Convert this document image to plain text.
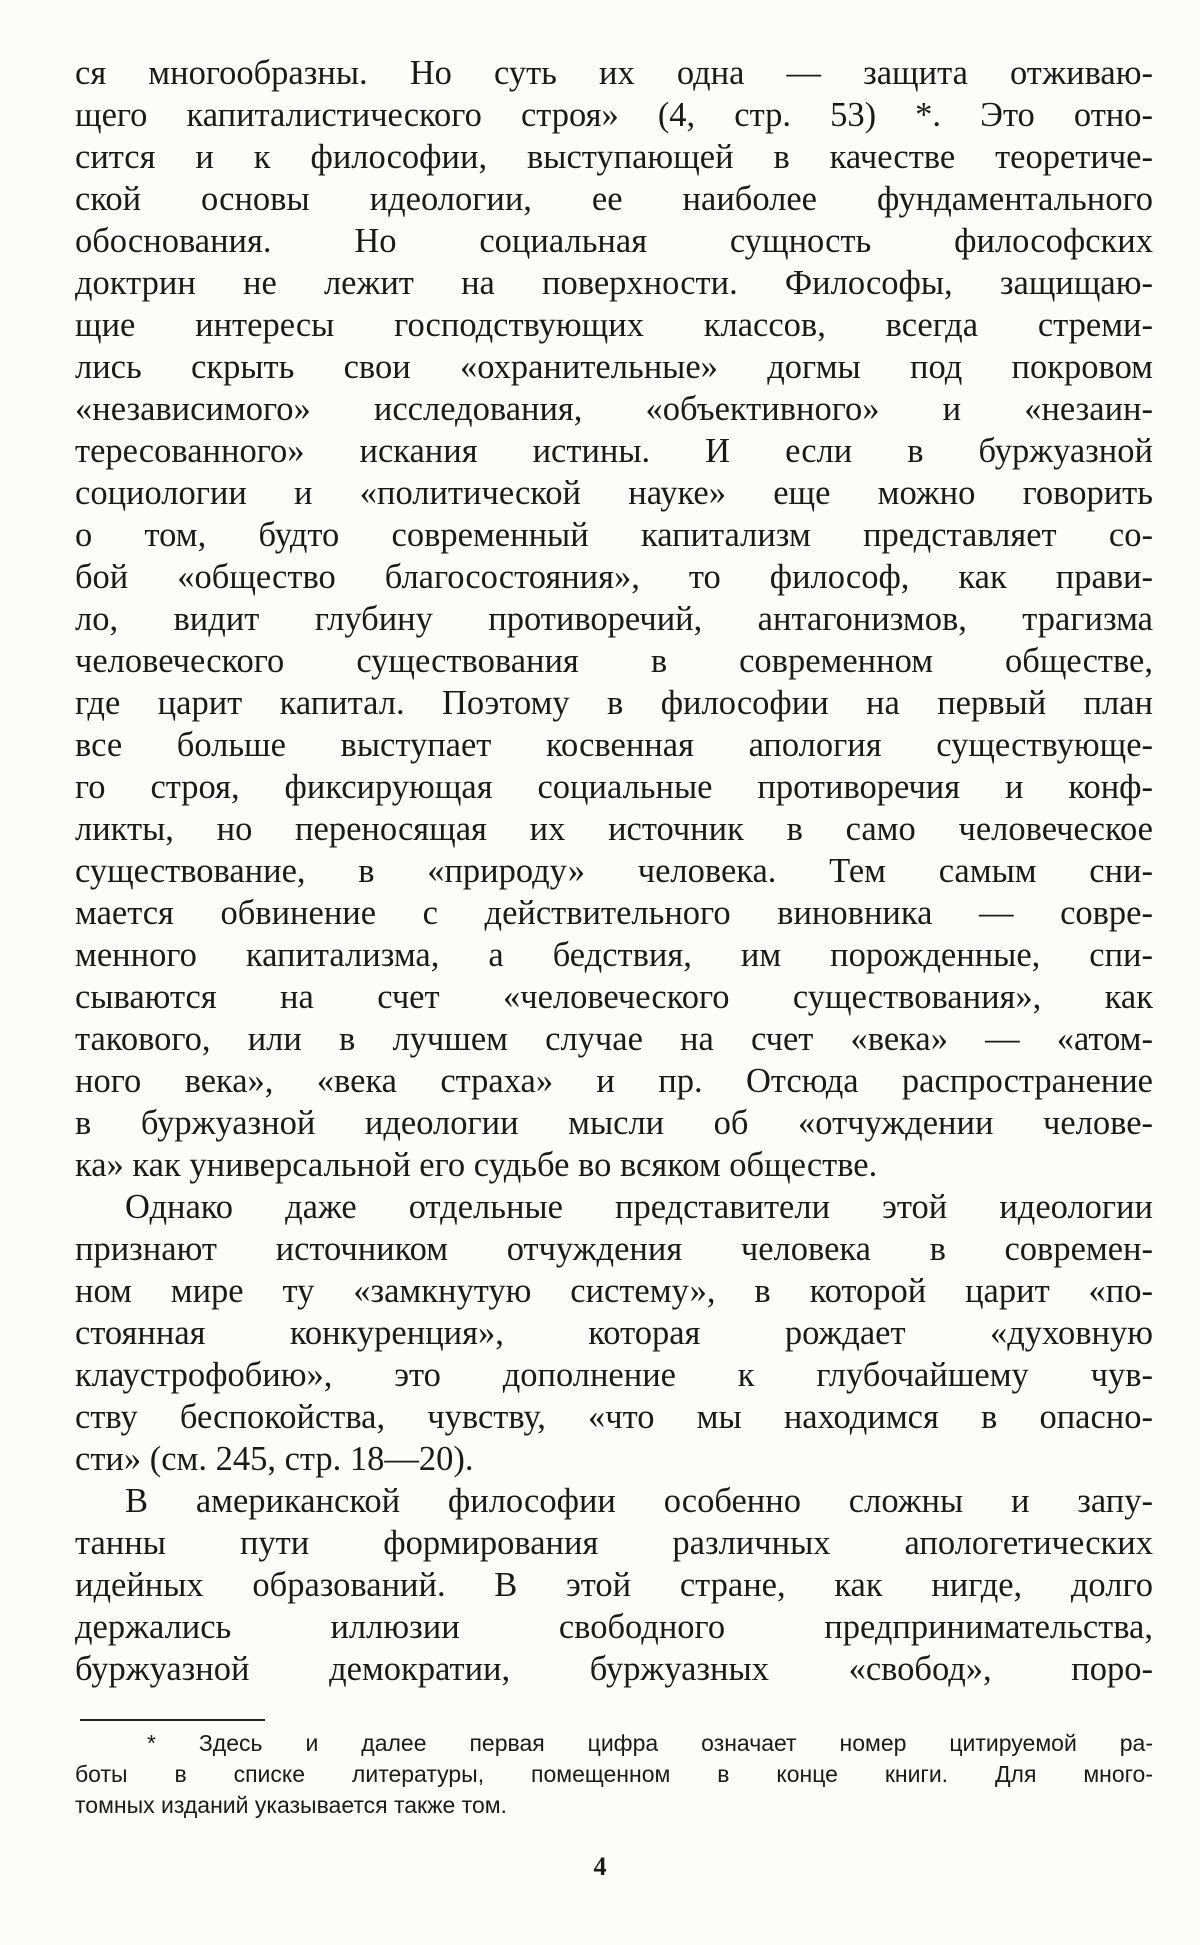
ся многообразны. Но суть их одна — защита отживаю-
щего капиталистического строя» (4, стр. 53) *. Это отно-
сится и к философии, выступающей в качестве теоретиче-
ской основы идеологии, ее наиболее фундаментального
обоснования. Но социальная сущность философских
доктрин не лежит на поверхности. Философы, защищаю-
щие интересы господствующих классов, всегда стреми-
лись скрыть свои «охранительные» догмы под покровом
«независимого» исследования, «объективного» и «незаин-
тересованного» искания истины. И если в буржуазной
социологии и «политической науке» еще можно говорить
о том, будто современный капитализм представляет со-
бой «общество благосостояния», то философ, как прави-
ло, видит глубину противоречий, антагонизмов, трагизма
человеческого существования в современном обществе,
где царит капитал. Поэтому в философии на первый план
все больше выступает косвенная апология существующе-
го строя, фиксирующая социальные противоречия и конф-
ликты, но переносящая их источник в само человеческое
существование, в «природу» человека. Тем самым сни-
мается обвинение с действительного виновника — совре-
менного капитализма, а бедствия, им порожденные, спи-
сываются на счет «человеческого существования», как
такового, или в лучшем случае на счет «века» — «атом-
ного века», «века страха» и пр. Отсюда распространение
в буржуазной идеологии мысли об «отчуждении челове-
ка» как универсальной его судьбе во всяком обществе.
Однако даже отдельные представители этой идеологии
признают источником отчуждения человека в современ-
ном мире ту «замкнутую систему», в которой царит «по-
стоянная конкуренция», которая рождает «духовную
клаустрофобию», это дополнение к глубочайшему чув-
ству беспокойства, чувству, «что мы находимся в опасно-
сти» (см. 245, стр. 18—20).
В американской философии особенно сложны и запу-
танны пути формирования различных апологетических
идейных образований. В этой стране, как нигде, долго
держались иллюзии свободного предпринимательства,
буржуазной демократии, буржуазных «свобод», поро-
* Здесь и далее первая цифра означает номер цитируемой ра-
боты в списке литературы, помещенном в конце книги. Для много-
томных изданий указывается также том.
4
